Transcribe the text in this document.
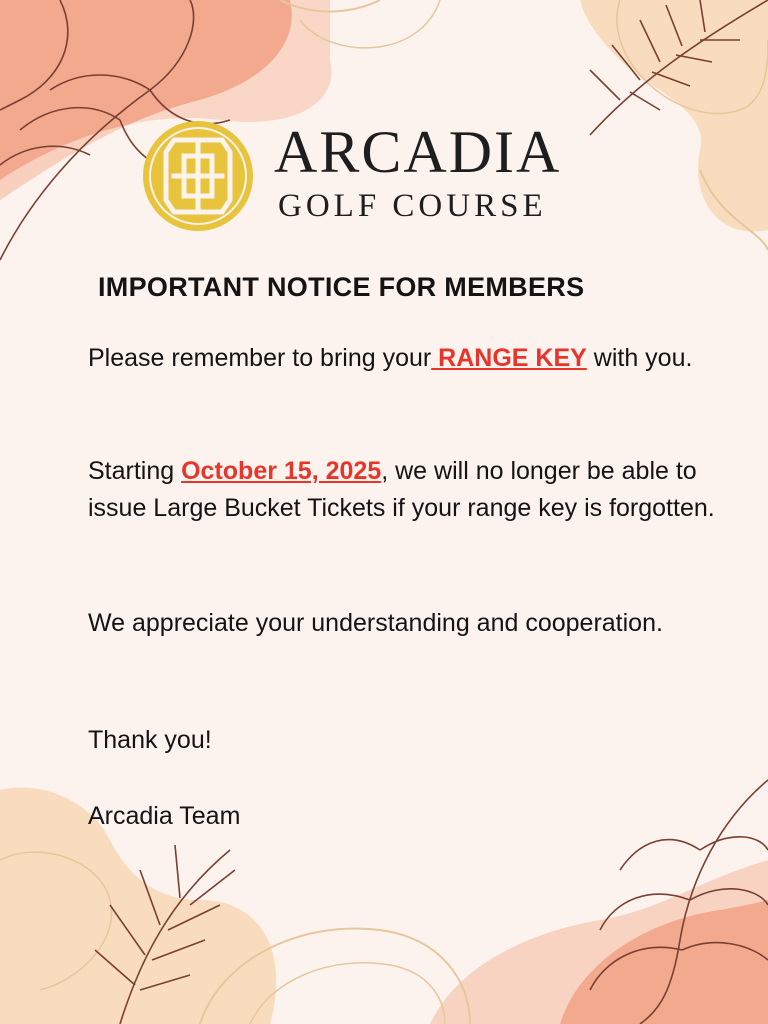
ARCADIA
GOLF COURSE
IMPORTANT NOTICE FOR MEMBERS

Please remember to bring your RANGE KEY with you.

Starting October 15, 2025, we will no longer be able to issue Large Bucket Tickets if your range key is forgotten.

We appreciate your understanding and cooperation.

Thank you!

Arcadia Team
